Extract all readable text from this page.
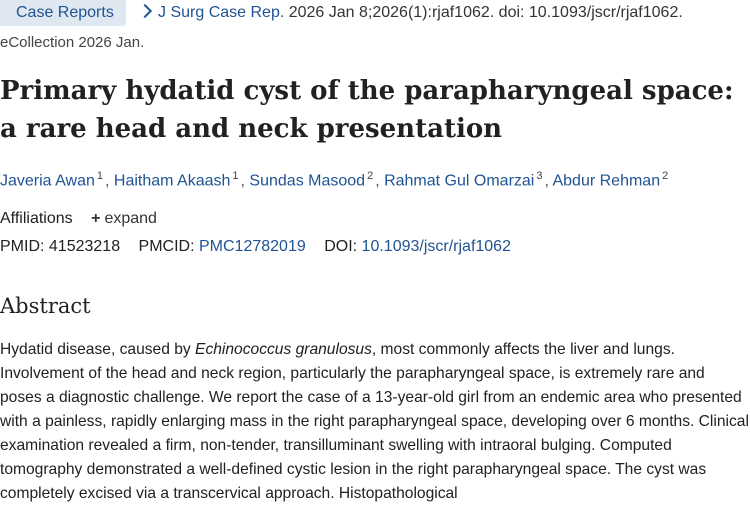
Case Reports	J Surg Case Rep. 2026 Jan 8;2026(1):rjaf1062. doi: 10.1093/jscr/rjaf1062.
eCollection 2026 Jan.
Primary hydatid cyst of the parapharyngeal space: a rare head and neck presentation
Javeria Awan $^1$ , Haitham Akaash $^1$ , Sundas Masood $^2$ , Rahmat Gul Omarzai $^3$ , Abdur Rehman $^2$
Affiliations + expand
PMID: 41523218 PMCID: PMC12782019 DOI: 10.1093/jscr/rjaf1062
Abstract

Hydatid disease, caused by Echinococcus granulosus, most commonly affects the liver and lungs. Involvement of the head and neck region, particularly the parapharyngeal space, is extremely rare and poses a diagnostic challenge. We report the case of a 13-year-old girl from an endemic area who presented with a painless, rapidly enlarging mass in the right parapharyngeal space, developing over 6 months. Clinical examination revealed a firm, non-tender, transilluminant swelling with intraoral bulging. Computed tomography demonstrated a well-defined cystic lesion in the right parapharyngeal space. The cyst was completely excised via a transcervical approach. Histopathological
